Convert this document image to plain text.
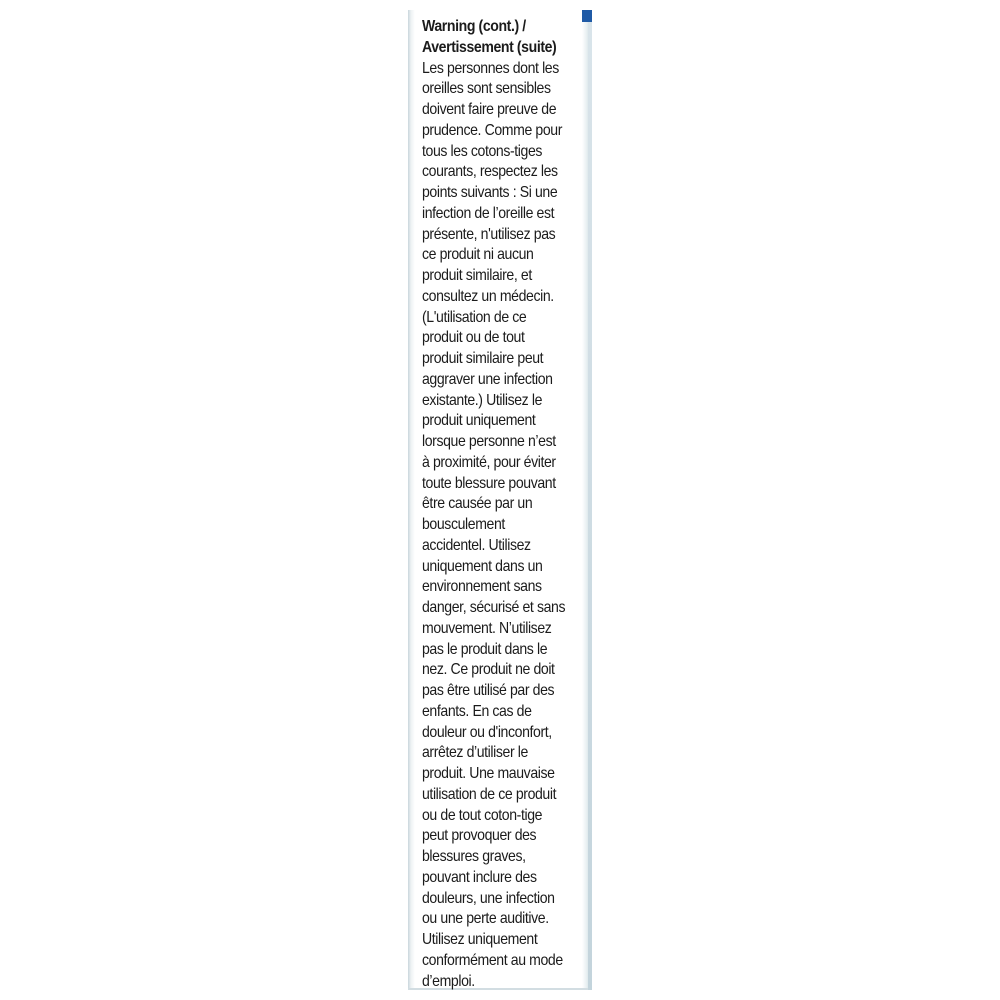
Warning (cont.) /
Avertissement (suite)
Les personnes dont les
oreilles sont sensibles
doivent faire preuve de
prudence. Comme pour
tous les cotons-tiges
courants, respectez les
points suivants : Si une
infection de l’oreille est
présente, n'utilisez pas
ce produit ni aucun
produit similaire, et
consultez un médecin.
(L'utilisation de ce
produit ou de tout
produit similaire peut
aggraver une infection
existante.) Utilisez le
produit uniquement
lorsque personne n’est
à proximité, pour éviter
toute blessure pouvant
être causée par un
bousculement
accidentel. Utilisez
uniquement dans un
environnement sans
danger, sécurisé et sans
mouvement. N’utilisez
pas le produit dans le
nez. Ce produit ne doit
pas être utilisé par des
enfants. En cas de
douleur ou d'inconfort,
arrêtez d’utiliser le
produit. Une mauvaise
utilisation de ce produit
ou de tout coton-tige
peut provoquer des
blessures graves,
pouvant inclure des
douleurs, une infection
ou une perte auditive.
Utilisez uniquement
conformément au mode
d’emploi.
